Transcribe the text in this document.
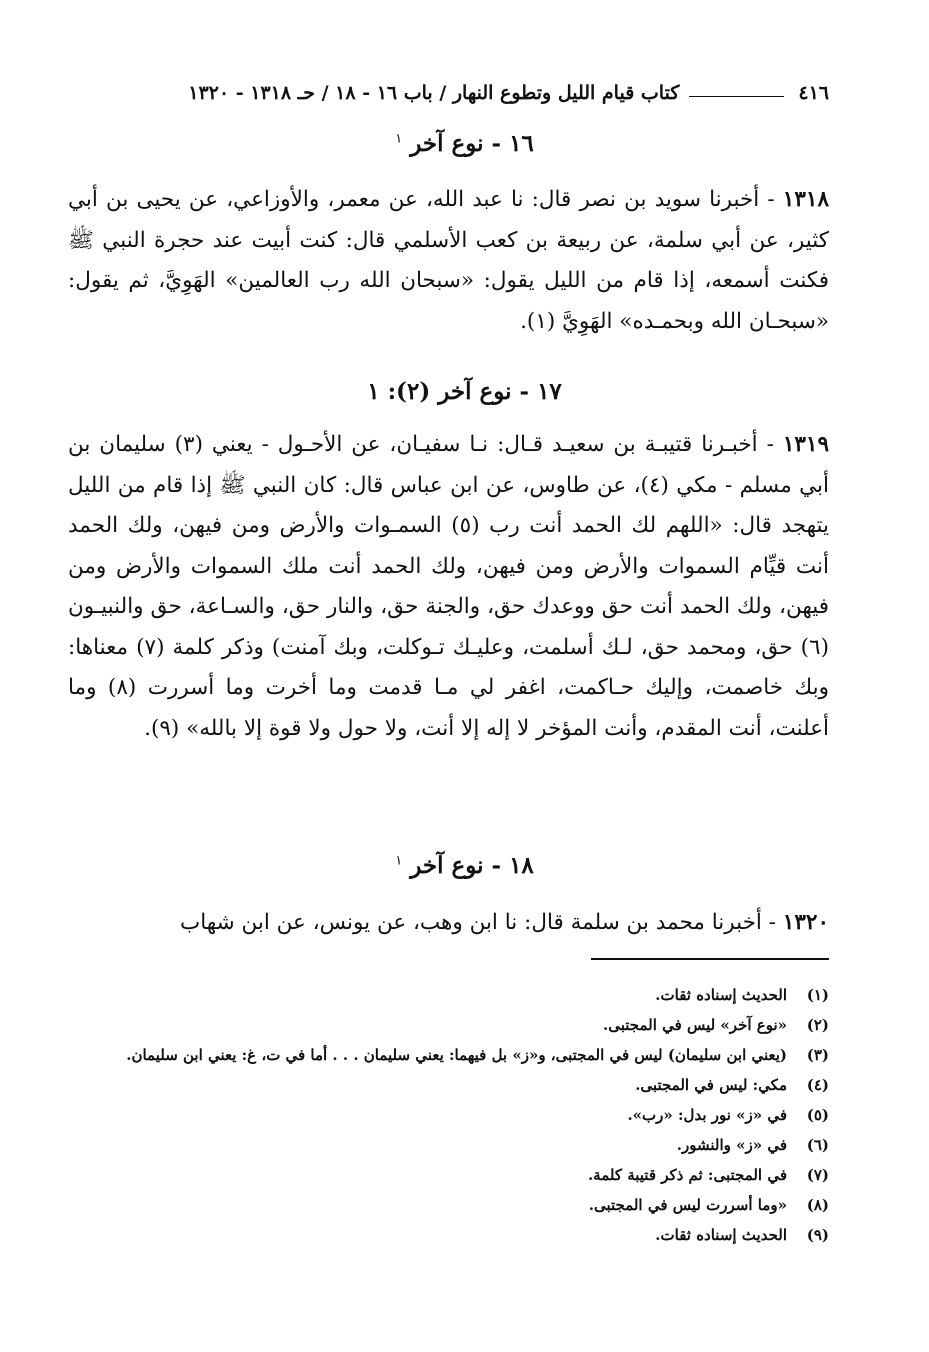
٤١٦
كتاب قيام الليل وتطوع النهار / باب ١٦ - ١٨ / حـ ١٣١٨ - ١٣٢٠
١٦ - نوع آخر $^١$
١٣١٨ - أخبرنا سويد بن نصر قال: نا عبد الله، عن معمر، والأوزاعي، عن يحيى بن أبي كثير، عن أبي سلمة، عن ربيعة بن كعب الأسلمي قال: كنت أبيت عند حجرة النبي ﷺ فكنت أسمعه، إذا قام من الليل يقول: «سبحان الله رب العالمين» الهَوِيَّ، ثم يقول: «سبحـان الله وبحمـده» الهَوِيَّ (١).
١٧ - نوع آخر (٢): ١
١٣١٩ - أخبـرنا قتيبـة بن سعيـد قـال: نـا سفيـان، عن الأحـول - يعني (٣) سليمان بن أبي مسلم - مكي (٤)، عن طاوس، عن ابن عباس قال: كان النبي ﷺ إذا قام من الليل يتهجد قال: «اللهم لك الحمد أنت رب (٥) السمـوات والأرض ومن فيهن، ولك الحمد أنت قيِّام السموات والأرض ومن فيهن، ولك الحمد أنت ملك السموات والأرض ومن فيهن، ولك الحمد أنت حق ووعدك حق، والجنة حق، والنار حق، والسـاعة، حق والنبيـون (٦) حق، ومحمد حق، لـك أسلمت، وعليـك تـوكلت، وبك آمنت) وذكر كلمة (٧) معناها: وبك خاصمت، وإليك حـاكمت، اغفر لي مـا قدمت وما أخرت وما أسررت (٨) وما أعلنت، أنت المقدم، وأنت المؤخر لا إله إلا أنت، ولا حول ولا قوة إلا بالله» (٩).
١٨ - نوع آخر $^١$
١٣٢٠ - أخبرنا محمد بن سلمة قال: نا ابن وهب، عن يونس، عن ابن شهاب
(١)
الحديث إسناده ثقات.
(٢)
«نوع آخر» ليس في المجتبى.
(٣)
(يعني ابن سليمان) ليس في المجتبى، و«ز» بل فيهما: يعني سليمان . . . أما في ت، غ: يعني ابن سليمان.
(٤)
مكي: ليس في المجتبى.
(٥)
في «ز» نور بدل: «رب».
(٦)
في «ز» والنشور.
(٧)
في المجتبى: ثم ذكر قتيبة كلمة.
(٨)
«وما أسررت ليس في المجتبى.
(٩)
الحديث إسناده ثقات.
